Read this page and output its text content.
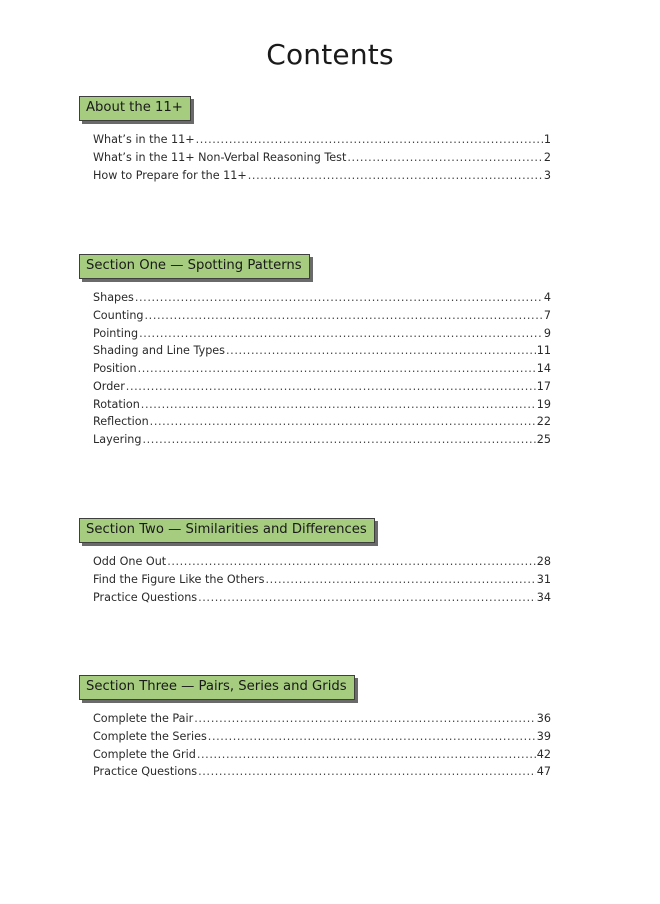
Contents
About the 11+
What’s in the 11+ .....	1
What’s in the 11+ Non-Verbal Reasoning Test .....	2
How to Prepare for the 11+ .....	3
Section One — Spotting Patterns
Shapes .....	4
Counting .....	7
Pointing .....	9
Shading and Line Types .....	11
Position .....	14
Order .....	17
Rotation .....	19
Reflection .....	22
Layering .....	25
Section Two — Similarities and Differences
Odd One Out .....	28
Find the Figure Like the Others .....	31
Practice Questions .....	34
Section Three — Pairs, Series and Grids
Complete the Pair .....	36
Complete the Series .....	39
Complete the Grid .....	42
Practice Questions .....	47
